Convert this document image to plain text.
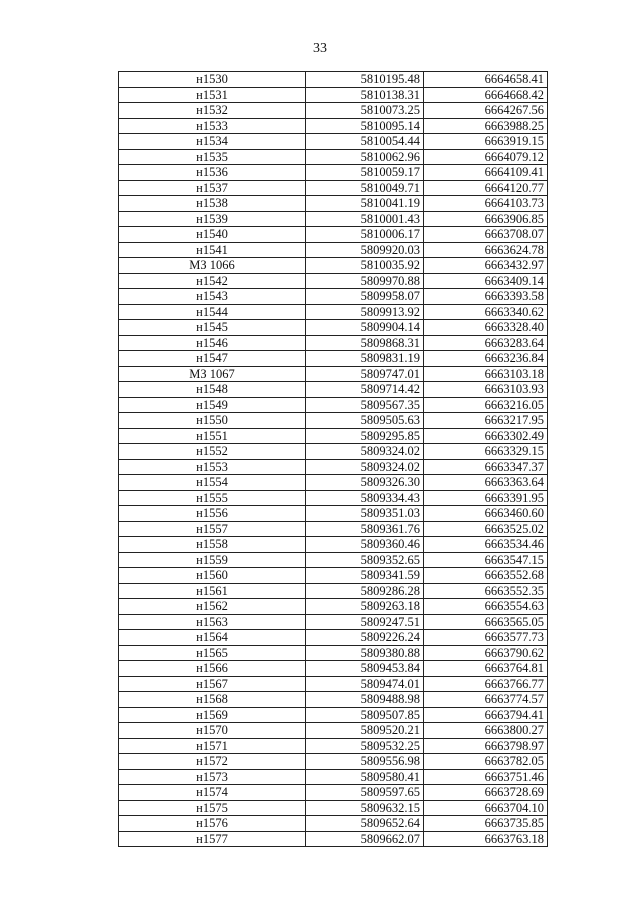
33
н1530	5810195.48	6664658.41
н1531	5810138.31	6664668.42
н1532	5810073.25	6664267.56
н1533	5810095.14	6663988.25
н1534	5810054.44	6663919.15
н1535	5810062.96	6664079.12
н1536	5810059.17	6664109.41
н1537	5810049.71	6664120.77
н1538	5810041.19	6664103.73
н1539	5810001.43	6663906.85
н1540	5810006.17	6663708.07
н1541	5809920.03	6663624.78
МЗ 1066	5810035.92	6663432.97
н1542	5809970.88	6663409.14
н1543	5809958.07	6663393.58
н1544	5809913.92	6663340.62
н1545	5809904.14	6663328.40
н1546	5809868.31	6663283.64
н1547	5809831.19	6663236.84
МЗ 1067	5809747.01	6663103.18
н1548	5809714.42	6663103.93
н1549	5809567.35	6663216.05
н1550	5809505.63	6663217.95
н1551	5809295.85	6663302.49
н1552	5809324.02	6663329.15
н1553	5809324.02	6663347.37
н1554	5809326.30	6663363.64
н1555	5809334.43	6663391.95
н1556	5809351.03	6663460.60
н1557	5809361.76	6663525.02
н1558	5809360.46	6663534.46
н1559	5809352.65	6663547.15
н1560	5809341.59	6663552.68
н1561	5809286.28	6663552.35
н1562	5809263.18	6663554.63
н1563	5809247.51	6663565.05
н1564	5809226.24	6663577.73
н1565	5809380.88	6663790.62
н1566	5809453.84	6663764.81
н1567	5809474.01	6663766.77
н1568	5809488.98	6663774.57
н1569	5809507.85	6663794.41
н1570	5809520.21	6663800.27
н1571	5809532.25	6663798.97
н1572	5809556.98	6663782.05
н1573	5809580.41	6663751.46
н1574	5809597.65	6663728.69
н1575	5809632.15	6663704.10
н1576	5809652.64	6663735.85
н1577	5809662.07	6663763.18
